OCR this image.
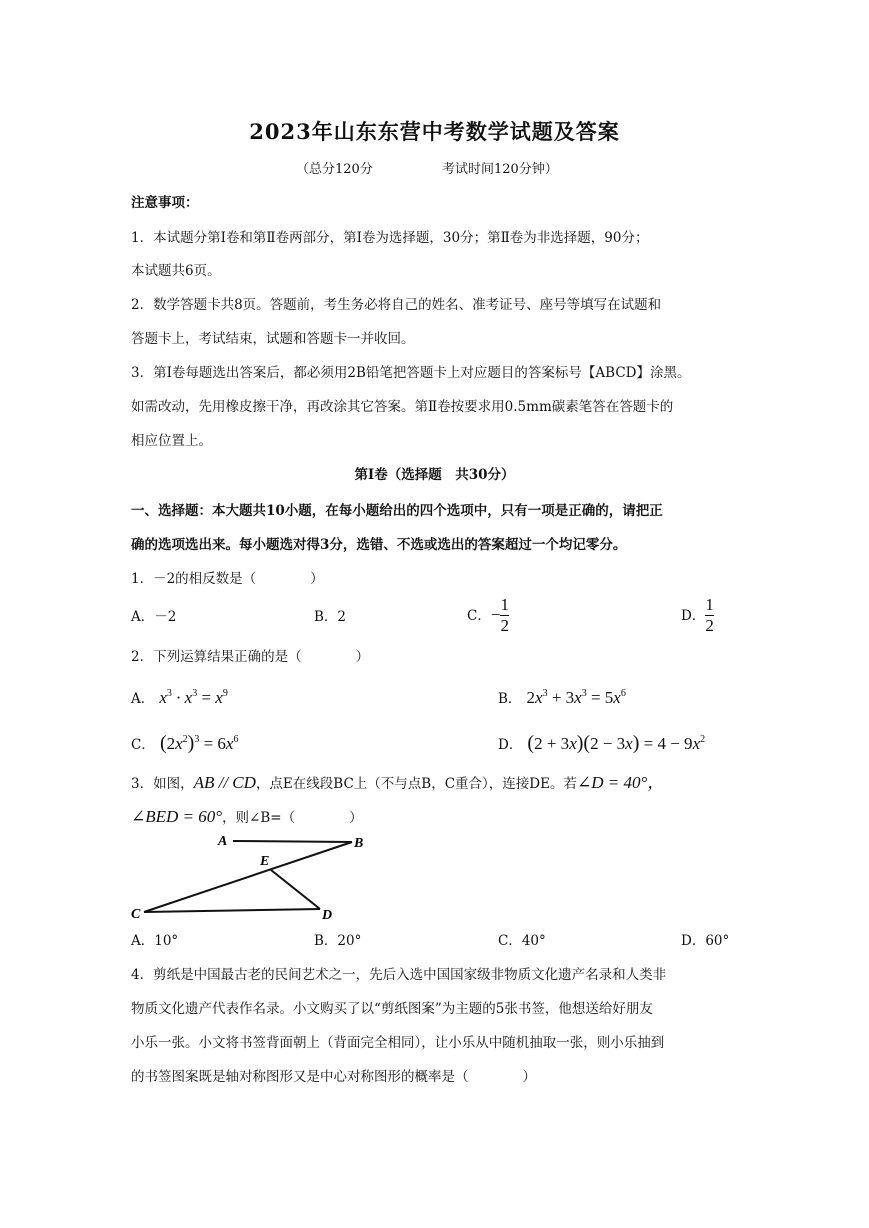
2023年山东东营中考数学试题及答案
（总分120分	考试时间120分钟）
注意事项：
1．本试题分第Ⅰ卷和第Ⅱ卷两部分，第Ⅰ卷为选择题，30分；第Ⅱ卷为非选择题，90分；
本试题共6页。
2．数学答题卡共8页。答题前，考生务必将自己的姓名、准考证号、座号等填写在试题和
答题卡上，考试结束，试题和答题卡一并收回。
3．第Ⅰ卷每题选出答案后，都必须用2B铅笔把答题卡上对应题目的答案标号【ABCD】涂黑。
如需改动，先用橡皮擦干净，再改涂其它答案。第Ⅱ卷按要求用0.5mm碳素笔答在答题卡的
相应位置上。
第Ⅰ卷（选择题　共30分）
一、选择题：本大题共10小题，在每小题给出的四个选项中，只有一项是正确的，请把正
确的选项选出来。每小题选对得3分，选错、不选或选出的答案超过一个均记零分。
1．－2的相反数是（　　　　）
A．－2	B．2	C．− $\frac{1}{2}$	D． $\frac{1}{2}$
2．下列运算结果正确的是（　　　　）
A． $x^3 \cdot x^3 = x^9$	B． $2x^3 + 3x^3 = 5x^6$
C． $(2x^2)^3 = 6x^6$	D． $(2 + 3x)(2 - 3x) = 4 - 9x^2$
3．如图，AB // CD，点E在线段BC上（不与点B，C重合），连接DE。若∠D = 40°，
∠BED = 60°，则∠B=（　　　　）
A	B
E
C	D
A．10°	B．20°	C．40°	D．60°
4．剪纸是中国最古老的民间艺术之一，先后入选中国国家级非物质文化遗产名录和人类非
物质文化遗产代表作名录。小文购买了以“剪纸图案”为主题的5张书签，他想送给好朋友
小乐一张。小文将书签背面朝上（背面完全相同），让小乐从中随机抽取一张，则小乐抽到
的书签图案既是轴对称图形又是中心对称图形的概率是（　　　　）
